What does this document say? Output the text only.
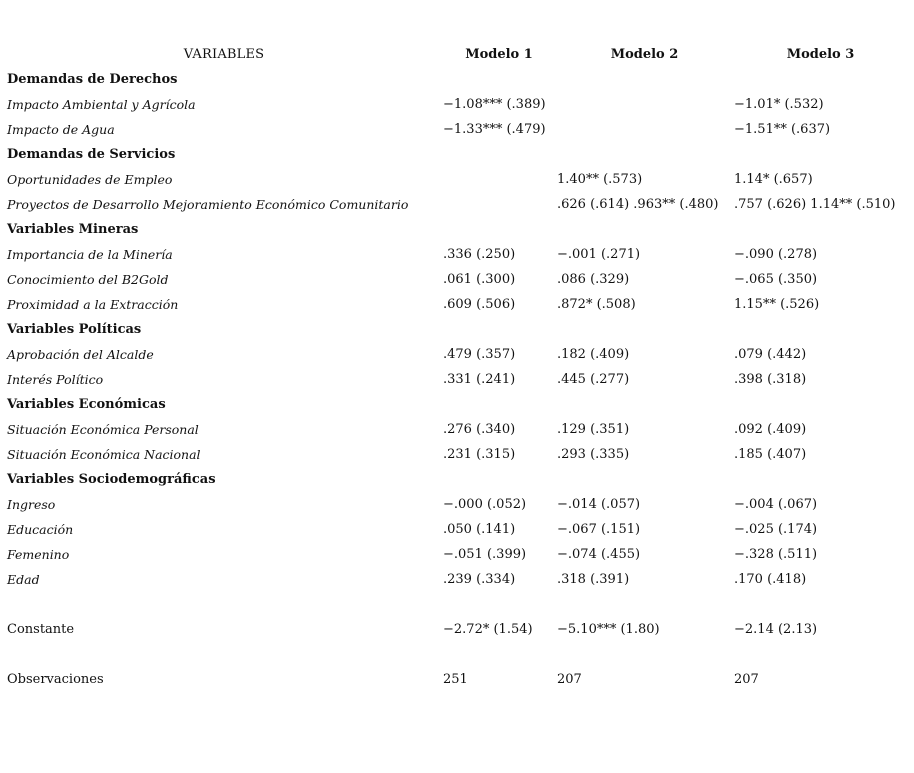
VARIABLES	Modelo 1	Modelo 2	Modelo 3
Demandas de Derechos			
Impacto Ambiental y Agrícola	−1.08*** (.389)		−1.01* (.532)
Impacto de Agua	−1.33*** (.479)		−1.51** (.637)
Demandas de Servicios			
Oportunidades de Empleo		1.40** (.573)	1.14* (.657)
Proyectos de Desarrollo Mejoramiento Económico Comunitario		.626 (.614) .963** (.480)	.757 (.626) 1.14** (.510)
Variables Mineras			
Importancia de la Minería	.336 (.250)	−.001 (.271)	−.090 (.278)
Conocimiento del B2Gold	.061 (.300)	.086 (.329)	−.065 (.350)
Proximidad a la Extracción	.609 (.506)	.872* (.508)	1.15** (.526)
Variables Políticas			
Aprobación del Alcalde	.479 (.357)	.182 (.409)	.079 (.442)
Interés Político	.331 (.241)	.445 (.277)	.398 (.318)
Variables Económicas			
Situación Económica Personal	.276 (.340)	.129 (.351)	.092 (.409)
Situación Económica Nacional	.231 (.315)	.293 (.335)	.185 (.407)
Variables Sociodemográficas			
Ingreso	−.000 (.052)	−.014 (.057)	−.004 (.067)
Educación	.050 (.141)	−.067 (.151)	−.025 (.174)
Femenino	−.051 (.399)	−.074 (.455)	−.328 (.511)
Edad	.239 (.334)	.318 (.391)	.170 (.418)

Constante	−2.72* (1.54)	−5.10*** (1.80)	−2.14 (2.13)

Observaciones	251	207	207
